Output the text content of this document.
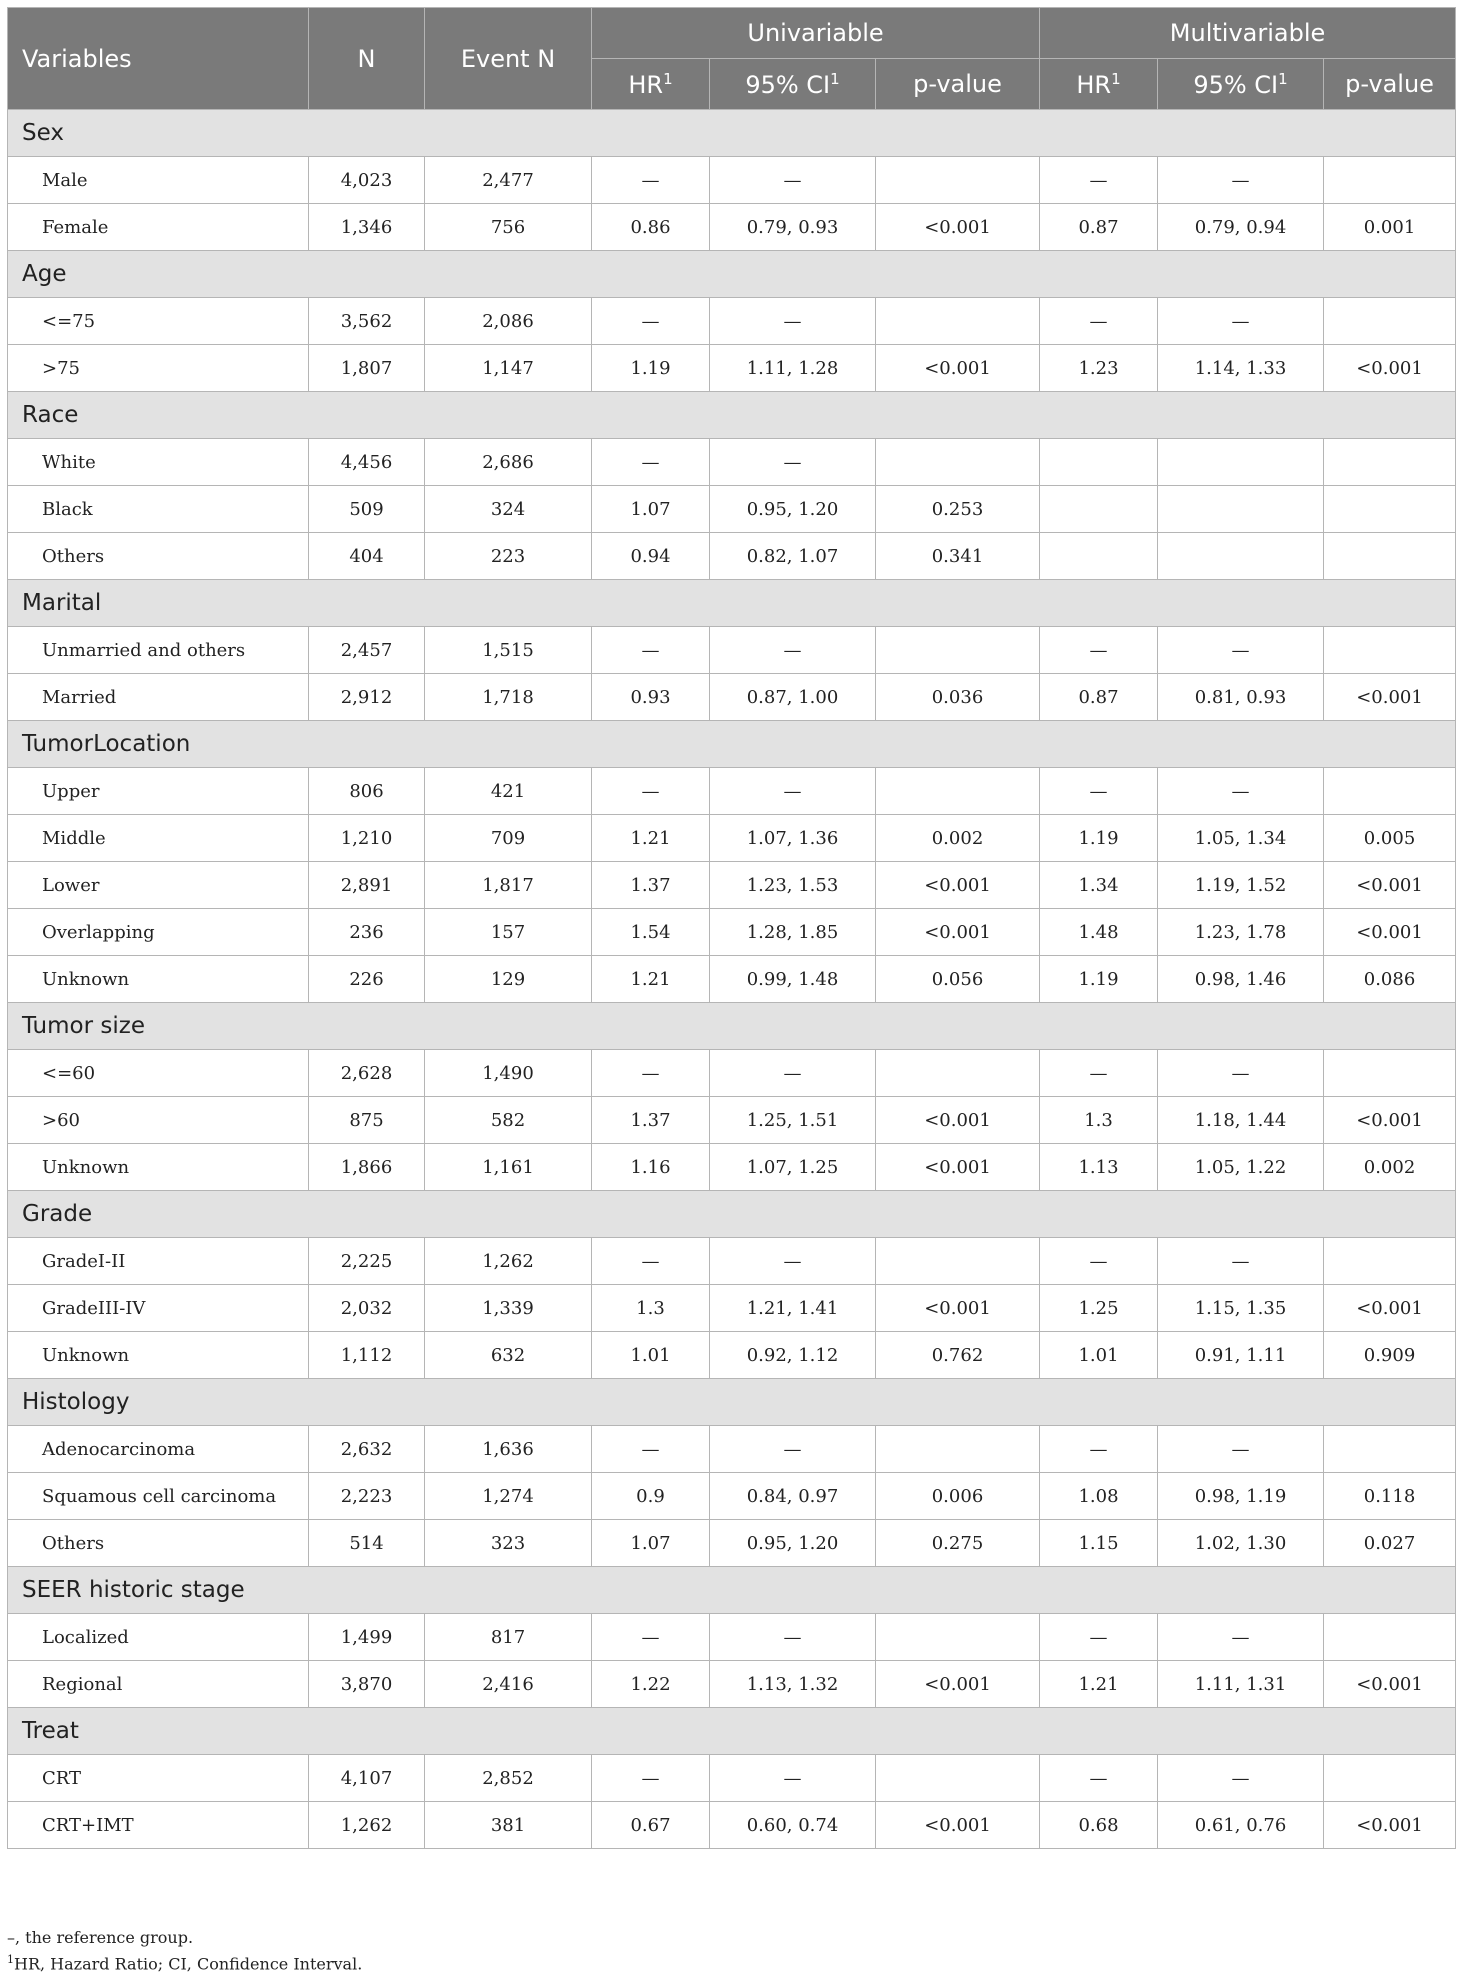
Variables	N	Event N	Univariable			Multivariable		
			$HR^1$	95% $CI^1$	p-value	$HR^1$	95% $CI^1$	p-value
Sex								
Male	4,023	2,477	—	—		—	—	
Female	1,346	756	0.86	0.79, 0.93	<0.001	0.87	0.79, 0.94	0.001
Age								
<=75	3,562	2,086	—	—		—	—	
>75	1,807	1,147	1.19	1.11, 1.28	<0.001	1.23	1.14, 1.33	<0.001
Race								
White	4,456	2,686	—	—				
Black	509	324	1.07	0.95, 1.20	0.253			
Others	404	223	0.94	0.82, 1.07	0.341			
Marital								
Unmarried and others	2,457	1,515	—	—		—	—	
Married	2,912	1,718	0.93	0.87, 1.00	0.036	0.87	0.81, 0.93	<0.001
TumorLocation								
Upper	806	421	—	—		—	—	
Middle	1,210	709	1.21	1.07, 1.36	0.002	1.19	1.05, 1.34	0.005
Lower	2,891	1,817	1.37	1.23, 1.53	<0.001	1.34	1.19, 1.52	<0.001
Overlapping	236	157	1.54	1.28, 1.85	<0.001	1.48	1.23, 1.78	<0.001
Unknown	226	129	1.21	0.99, 1.48	0.056	1.19	0.98, 1.46	0.086
Tumor size								
<=60	2,628	1,490	—	—		—	—	
>60	875	582	1.37	1.25, 1.51	<0.001	1.3	1.18, 1.44	<0.001
Unknown	1,866	1,161	1.16	1.07, 1.25	<0.001	1.13	1.05, 1.22	0.002
Grade								
GradeI-II	2,225	1,262	—	—		—	—	
GradeIII-IV	2,032	1,339	1.3	1.21, 1.41	<0.001	1.25	1.15, 1.35	<0.001
Unknown	1,112	632	1.01	0.92, 1.12	0.762	1.01	0.91, 1.11	0.909
Histology								
Adenocarcinoma	2,632	1,636	—	—		—	—	
Squamous cell carcinoma	2,223	1,274	0.9	0.84, 0.97	0.006	1.08	0.98, 1.19	0.118
Others	514	323	1.07	0.95, 1.20	0.275	1.15	1.02, 1.30	0.027
SEER historic stage								
Localized	1,499	817	—	—		—	—	
Regional	3,870	2,416	1.22	1.13, 1.32	<0.001	1.21	1.11, 1.31	<0.001
Treat								
CRT	4,107	2,852	—	—		—	—	
CRT+IMT	1,262	381	0.67	0.60, 0.74	<0.001	0.68	0.61, 0.76	<0.001
–, the reference group.
$^1$HR, Hazard Ratio; CI, Confidence Interval.
